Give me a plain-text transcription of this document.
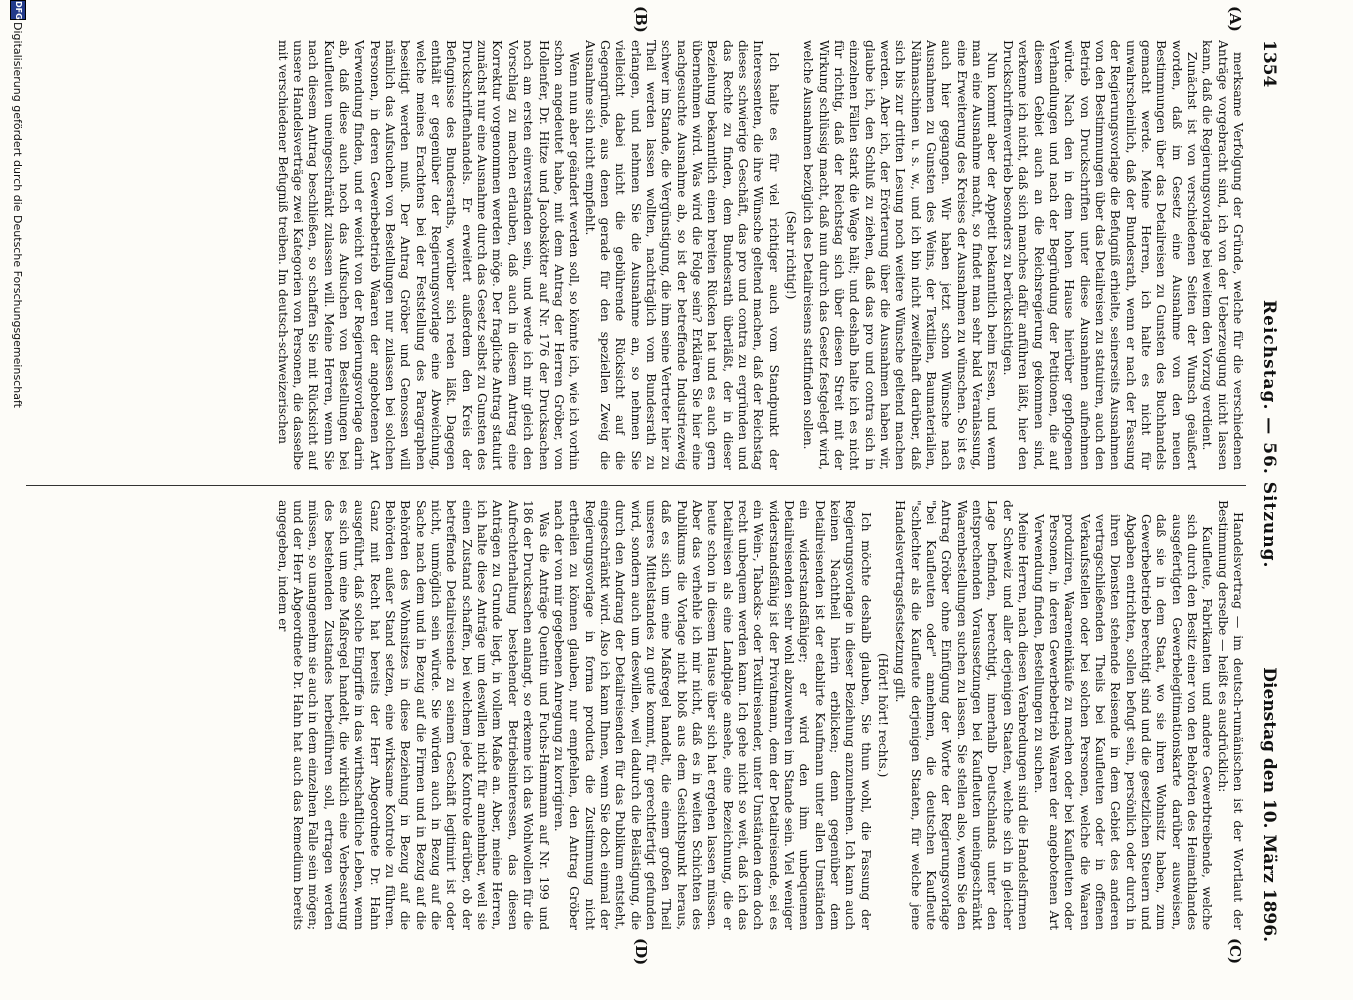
1354
Reichstag. — 56. Sitzung.
Dienstag den 10. März 1896.
(A)
(B)
(C)
(D)

merksame Verfolgung der Gründe, welche für die verschiedenen Anträge vorgebracht sind, ich von der Ueberzeugung nicht lassen kann, daß die Regierungsvorlage bei weitem den Vorzug verdient.

Zunächst ist von verschiedenen Seiten der Wunsch geäußert worden, daß im Gesetz eine Ausnahme von den neuen Bestimmungen über das Detailreisen zu Gunsten des Buchhandels gemacht werde. Meine Herren, ich halte es nicht für unwahrscheinlich, daß der Bundesrath, wenn er nach der Fassung der Regierungsvorlage die Befugniß erhielte, seinerseits Ausnahmen von den Bestimmungen über das Detailreisen zu statuiren, auch den Betrieb von Druckschriften unter diese Ausnahmen aufnehmen würde. Nach den in dem hohen Hause hierüber gepflogenen Verhandlungen und nach der Begründung der Petitionen, die auf diesem Gebiet auch an die Reichsregierung gekommen sind, verkenne ich nicht, daß sich manches dafür anführen läßt, hier den Druckschriftenvertrieb besonders zu berücksichtigen.

Nun kommt aber der Appetit bekanntlich beim Essen, und wenn man eine Ausnahme macht, so findet man sehr bald Veranlassung, eine Erweiterung des Kreises der Ausnahmen zu wünschen. So ist es auch hier gegangen. Wir haben jetzt schon Wünsche nach Ausnahmen zu Gunsten des Weins, der Textilien, Baumaterialien, Nähmaschinen u. s. w., und ich bin nicht zweifelhaft darüber, daß sich bis zur dritten Lesung noch weitere Wünsche geltend machen werden. Aber ich, der Erörterung über die Ausnahmen haben wir, glaube ich, den Schluß zu ziehen, daß das pro und contra sich in einzelnen Fällen stark die Wage hält; und deshalb halte ich es nicht für richtig, daß der Reichstag sich über diesen Streit mit der Wirkung schlüssig macht, daß nun durch das Gesetz festgelegt wird, welche Ausnahmen bezüglich des Detailreisens stattfinden sollen.

(Sehr richtig!)

Ich halte es für viel richtiger auch vom Standpunkt der Interessenten, die ihre Wünsche geltend machen, daß der Reichstag dieses schwierige Geschäft, das pro und contra zu ergründen und das Rechte zu finden, dem Bundesrath überläßt, der in dieser Beziehung bekanntlich einen breiten Rücken hat und es auch gern übernehmen wird. Was wird die Folge sein? Erklären Sie hier eine nachgesuchte Ausnahme ab, so ist der betreffende Industriezweig schwer im Stande, die Vergünstigung, die ihm seine Vertreter hier zu Theil werden lassen wollten, nachträglich vom Bundesrath zu erlangen, und nehmen Sie die Ausnahme an, so nehmen Sie vielleicht dabei nicht die gebührende Rücksicht auf die Gegengründe, aus denen gerade für den speziellen Zweig die Ausnahme sich nicht empfiehlt.

Wenn nun aber geändert werden soll, so könnte ich, wie ich vorhin schon angedeutet habe, mit dem Antrag der Herren Gröber, von Hollenfer, Dr. Hitze und Jacobskötter auf Nr. 176 der Drucksachen noch am ersten einverstanden sein, und werde ich mir gleich den Vorschlag zu machen erlauben, daß auch in diesem Antrag eine Korrektur vorgenommen werden möge. Der fragliche Antrag statuirt zunächst nur eine Ausnahme durch das Gesetz selbst zu Gunsten des Druckschriftenhandels. Er erweitert außerdem den Kreis der Befugnisse des Bundesraths, worüber sich reden läßt. Dagegen enthält er gegenüber der Regierungsvorlage eine Abweichung, welche meines Erachtens bei der Feststellung des Paragraphen beseitigt werden muß. Der Antrag Gröber und Genossen will nämlich das Aufsuchen von Bestellungen nur zulassen bei solchen Personen, in deren Gewerbebetrieb Waaren der angebotenen Art Verwendung finden, und er weicht von der Regierungsvorlage darin ab, daß diese auch noch das Aufsuchen von Bestellungen bei Kaufleuten uneingeschränkt zulassen will. Meine Herren, wenn Sie nach diesem Antrag beschließen, so schaffen Sie mit Rücksicht auf unsere Handelsverträge zwei Kategorien von Personen, die dasselbe mit verschiedener Befugniß treiben. Im deutsch-schweizerischen

Handelsvertrag — im deutsch-rumänischen ist der Wortlaut der Bestimmung derselbe — heißt es ausdrücklich:

Kaufleute, Fabrikanten und andere Gewerbtreibende, welche sich durch den Besitz einer von den Behörden des Heimathlandes ausgefertigten Gewerbelegitimationskarte darüber ausweisen, daß sie in dem Staat, wo sie ihren Wohnsitz haben, zum Gewerbebetrieb berechtigt sind und die gesetzlichen Steuern und Abgaben entrichten, sollen befugt sein, persönlich oder durch in ihren Diensten stehende Reisende in dem Gebiet des anderen vertragschließenden Theils bei Kaufleuten oder in offenen Verkaufsstellen oder bei solchen Personen, welche die Waaren produziren, Waareneinkäufe zu machen oder bei Kaufleuten oder Personen, in deren Gewerbebetrieb Waaren der angebotenen Art Verwendung finden, Bestellungen zu suchen.

Meine Herren, nach diesen Verabredungen sind die Handelsfirmen der Schweiz und aller derjenigen Staaten, welche sich in gleicher Lage befinden, berechtigt, innerhalb Deutschlands unter den entsprechenden Voraussetzungen bei Kaufleuten uneingeschränkt Waarenbestellungen suchen zu lassen. Sie stellen also, wenn Sie den Antrag Gröber ohne Einfügung der Worte der Regierungsvorlage "bei Kaufleuten oder" annehmen, die deutschen Kaufleute "schlechter als die Kaufleute derjenigen Staaten, für welche jene Handelsvertragsfestsetzung gilt.

(Hört! hört! rechts.)

Ich möchte deshalb glauben, Sie thun wohl, die Fassung der Regierungsvorlage in dieser Beziehung anzunehmen. Ich kann auch keinen Nachtheil hierin erblicken; denn gegenüber dem Detailreisenden ist der etablirte Kaufmann unter allen Umständen ein widerstandsfähiger; er wird den ihm unbequemen Detailreisenden sehr wohl abzuwehren im Stande sein. Viel weniger widerstandsfähig ist der Privatmann, dem der Detailreisende, sei es ein Wein-, Tabacks- oder Textilreisender, unter Umständen dem doch recht unbequem werden kann. Ich gehe nicht so weit, daß ich das Detailreisen als eine Landplage ansehe, eine Bezeichnung, die er heute schon in diesem Hause über sich hat ergehen lassen müssen. Aber das verhehle ich mir nicht, daß es in weiten Schichten des Publikums die Vorlage nicht bloß aus dem Gesichtspunkt heraus, daß es sich um eine Maßregel handelt, die einem großen Theil unseres Mittelstandes zu gute kommt, für gerechtfertigt gefunden wird, sondern auch um deswillen, weil dadurch die Belästigung, die durch den Andrang der Detailreisenden für das Publikum entsteht, eingeschränkt wird. Also ich kann Ihnen, wenn Sie doch einmal der Regierungsvorlage in forma producta die Zustimmung nicht ertheilen zu können glauben, nur empfehlen, den Antrag Gröber nach der von mir gegebenen Anregung zu korrigiren.

Was die Anträge Quentin und Fuchs-Hammann auf Nr. 199 und 186 der Drucksachen anlangt, so erkenne ich das Wohlwollen für die Aufrechterhaltung bestehender Betriebsinteressen, das diesen Anträgen zu Grunde liegt, in vollem Maße an. Aber, meine Herren, ich halte diese Anträge um deswillen nicht für annehmbar, weil sie einen Zustand schaffen, bei welchem jede Kontrole darüber, ob der betreffende Detailreisende zu seinem Geschäft legitimirt ist oder nicht, unmöglich sein würde. Sie würden auch in Bezug auf die Sache nach dem und in Bezug auf die Firmen und in Bezug auf die Behörden des Wohnsitzes in diese Beziehung in Bezug auf die Behörden außer Stand setzen, eine wirksame Kontrole zu führen. Ganz mit Recht hat bereits der Herr Abgeordnete Dr. Hahn ausgeführt, daß solche Eingriffe in das wirthschaftliche Leben, wenn es sich um eine Maßregel handelt, die wirklich eine Verbesserung des bestehenden Zustandes herbeiführen soll, ertragen werden müssen, so unangenehm sie auch in dem einzelnen Falle sein mögen; und der Herr Abgeordnete Dr. Hahn hat auch das Remedium bereits angegeben, indem er

DFG
Digitalisierung gefördert durch die Deutsche Forschungsgemeinschaft
